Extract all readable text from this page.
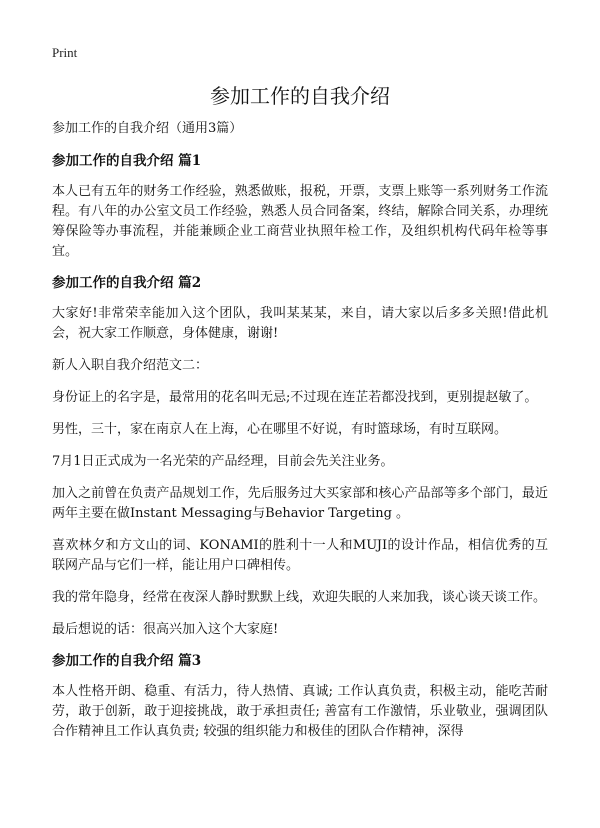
Print
参加工作的自我介绍
参加工作的自我介绍（通用3篇）
参加工作的自我介绍 篇1

本人已有五年的财务工作经验，熟悉做账，报税，开票，支票上账等一系列财务工作流程。有八年的办公室文员工作经验，熟悉人员合同备案，终结，解除合同关系，办理统筹保险等办事流程，并能兼顾企业工商营业执照年检工作，及组织机构代码年检等事宜。

参加工作的自我介绍 篇2

大家好!非常荣幸能加入这个团队，我叫某某某，来自，请大家以后多多关照!借此机会，祝大家工作顺意，身体健康，谢谢!

新人入职自我介绍范文二：

身份证上的名字是，最常用的花名叫无忌;不过现在连芷若都没找到，更别提赵敏了。

男性，三十，家在南京人在上海，心在哪里不好说，有时篮球场，有时互联网。

7月1日正式成为一名光荣的产品经理，目前会先关注业务。

加入之前曾在负责产品规划工作，先后服务过大买家部和核心产品部等多个部门，最近两年主要在做Instant Messaging与Behavior Targeting 。

喜欢林夕和方文山的词、KONAMI的胜利十一人和MUJI的设计作品，相信优秀的互联网产品与它们一样，能让用户口碑相传。

我的常年隐身，经常在夜深人静时默默上线，欢迎失眠的人来加我，谈心谈天谈工作。

最后想说的话：很高兴加入这个大家庭!

参加工作的自我介绍 篇3

本人性格开朗、稳重、有活力，待人热情、真诚; 工作认真负责，积极主动，能吃苦耐劳，敢于创新，敢于迎接挑战，敢于承担责任; 善富有工作激情，乐业敬业，强调团队合作精神且工作认真负责; 较强的组织能力和极佳的团队合作精神，深得
